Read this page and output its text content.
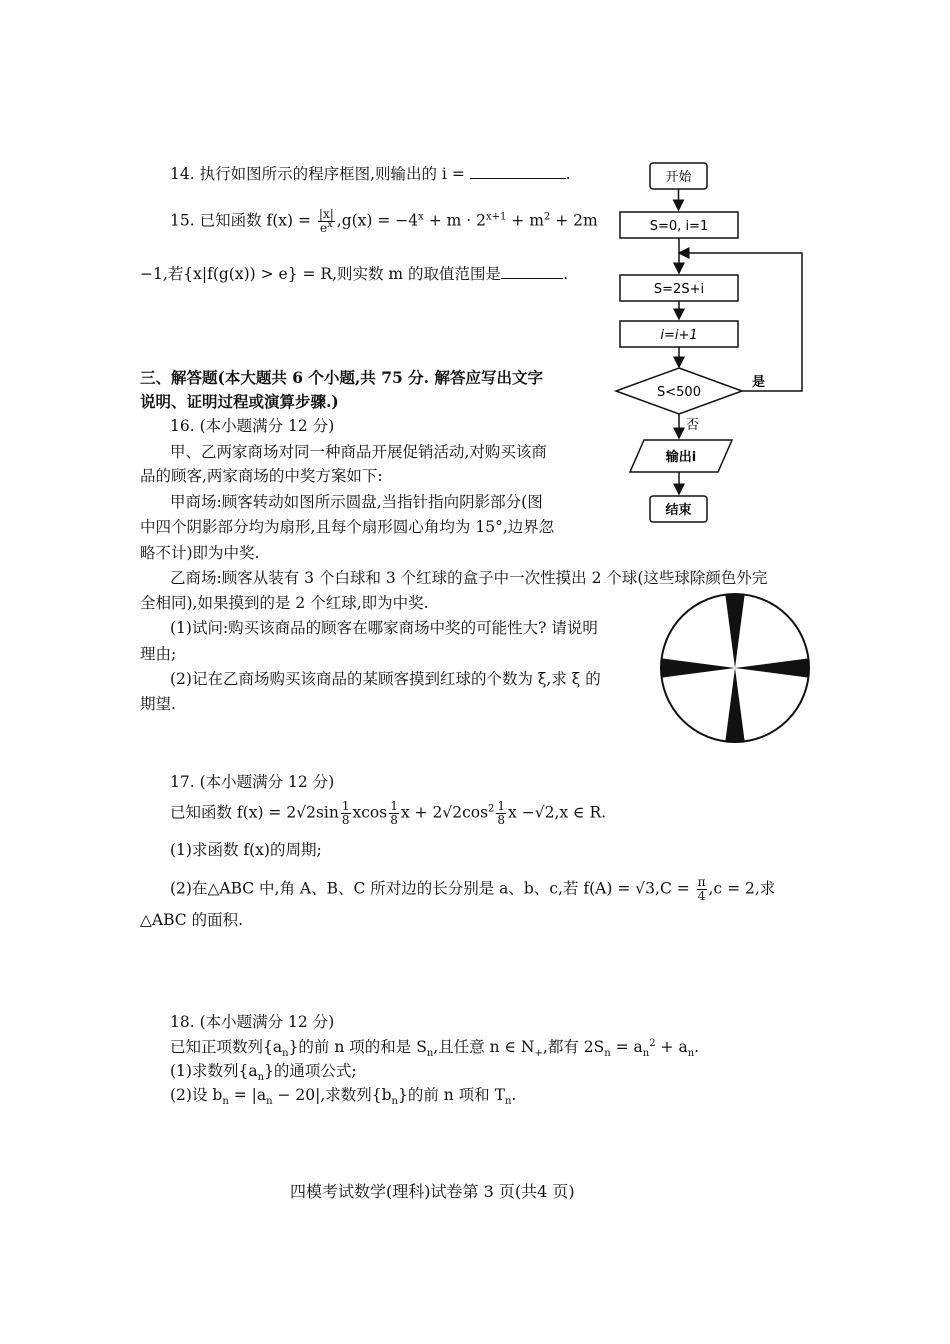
14. 执行如图所示的程序框图,则输出的 i =	.
15. 已知函数 $f(x) = \frac{|x|}{e^x} ,g(x) = -4^x + m \cdot 2^{x+1} + m^2 + 2m$
−1,若{x|f(g(x)) > e} = R,则实数 m 的取值范围是	.
三、解答题(本大题共 6 个小题,共 75 分. 解答应写出文字
说明、证明过程或演算步骤.)
16. (本小题满分 12 分)
甲、乙两家商场对同一种商品开展促销活动,对购买该商
品的顾客,两家商场的中奖方案如下:
甲商场:顾客转动如图所示圆盘,当指针指向阴影部分(图
中四个阴影部分均为扇形,且每个扇形圆心角均为 15°,边界忽
略不计)即为中奖.
乙商场:顾客从装有 3 个白球和 3 个红球的盒子中一次性摸出 2 个球(这些球除颜色外完
全相同),如果摸到的是 2 个红球,即为中奖.
(1)试问:购买该商品的顾客在哪家商场中奖的可能性大? 请说明
理由;
(2)记在乙商场购买该商品的某顾客摸到红球的个数为 ξ,求 ξ 的
期望.
17. (本小题满分 12 分)
已知函数 $f(x) = 2√2\sin \frac{1}{8}$ xcos $\frac{1}{8}$ $x + 2√2\cos^2 \frac{1}{8}$ x −√2,x ∈ R.
(1)求函数 f(x)的周期;
(2)在△ABC 中,角 A、B、C 所对边的长分别是 a、b、c,若 $f(A) = √3,C = \frac{\pi}{4} ,c = 2$,求
△ABC 的面积.
18. (本小题满分 12 分)
已知正项数列$\{a_n\}$的前 n 项的和是 $S_n$,且任意 n ∈ $N_+$,都有 $2S_n = a_n^2 + a_n$.
(1)求数列$\{a_n\}$的通项公式;
(2)设 $b_n = |a_n - 20|$,求数列$\{b_n\}$的前 n 项和 $T_n$.
开始
S=0, i=1
S=2S+i
i=i+1
S<500
是
否
输出i
结束
四模考试数学(理科)试卷第 3 页(共4 页)
